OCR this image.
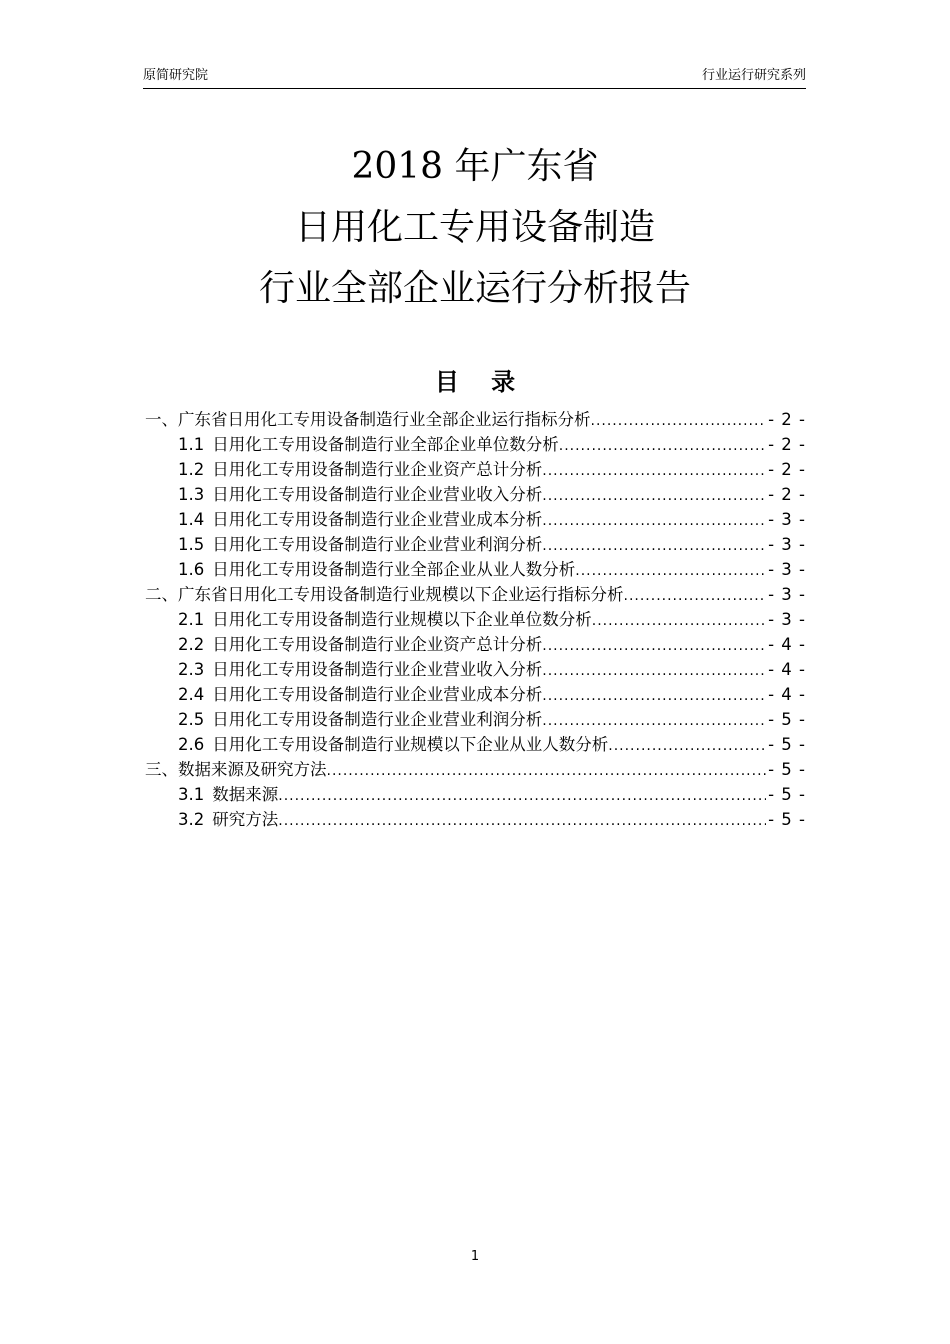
原简研究院	行业运行研究系列
2018 年广东省
日用化工专用设备制造
行业全部企业运行分析报告
目 录
一、广东省日用化工专用设备制造行业全部企业运行指标分析 .....	- 2 -
1.1 日用化工专用设备制造行业全部企业单位数分析 .....	- 2 -
1.2 日用化工专用设备制造行业企业资产总计分析 .....	- 2 -
1.3 日用化工专用设备制造行业企业营业收入分析 .....	- 2 -
1.4 日用化工专用设备制造行业企业营业成本分析 .....	- 3 -
1.5 日用化工专用设备制造行业企业营业利润分析 .....	- 3 -
1.6 日用化工专用设备制造行业全部企业从业人数分析 .....	- 3 -
二、广东省日用化工专用设备制造行业规模以下企业运行指标分析 .....	- 3 -
2.1 日用化工专用设备制造行业规模以下企业单位数分析 .....	- 3 -
2.2 日用化工专用设备制造行业企业资产总计分析 .....	- 4 -
2.3 日用化工专用设备制造行业企业营业收入分析 .....	- 4 -
2.4 日用化工专用设备制造行业企业营业成本分析 .....	- 4 -
2.5 日用化工专用设备制造行业企业营业利润分析 .....	- 5 -
2.6 日用化工专用设备制造行业规模以下企业从业人数分析 .....	- 5 -
三、数据来源及研究方法 .....	- 5 -
3.1 数据来源 .....	- 5 -
3.2 研究方法 .....	- 5 -
1
